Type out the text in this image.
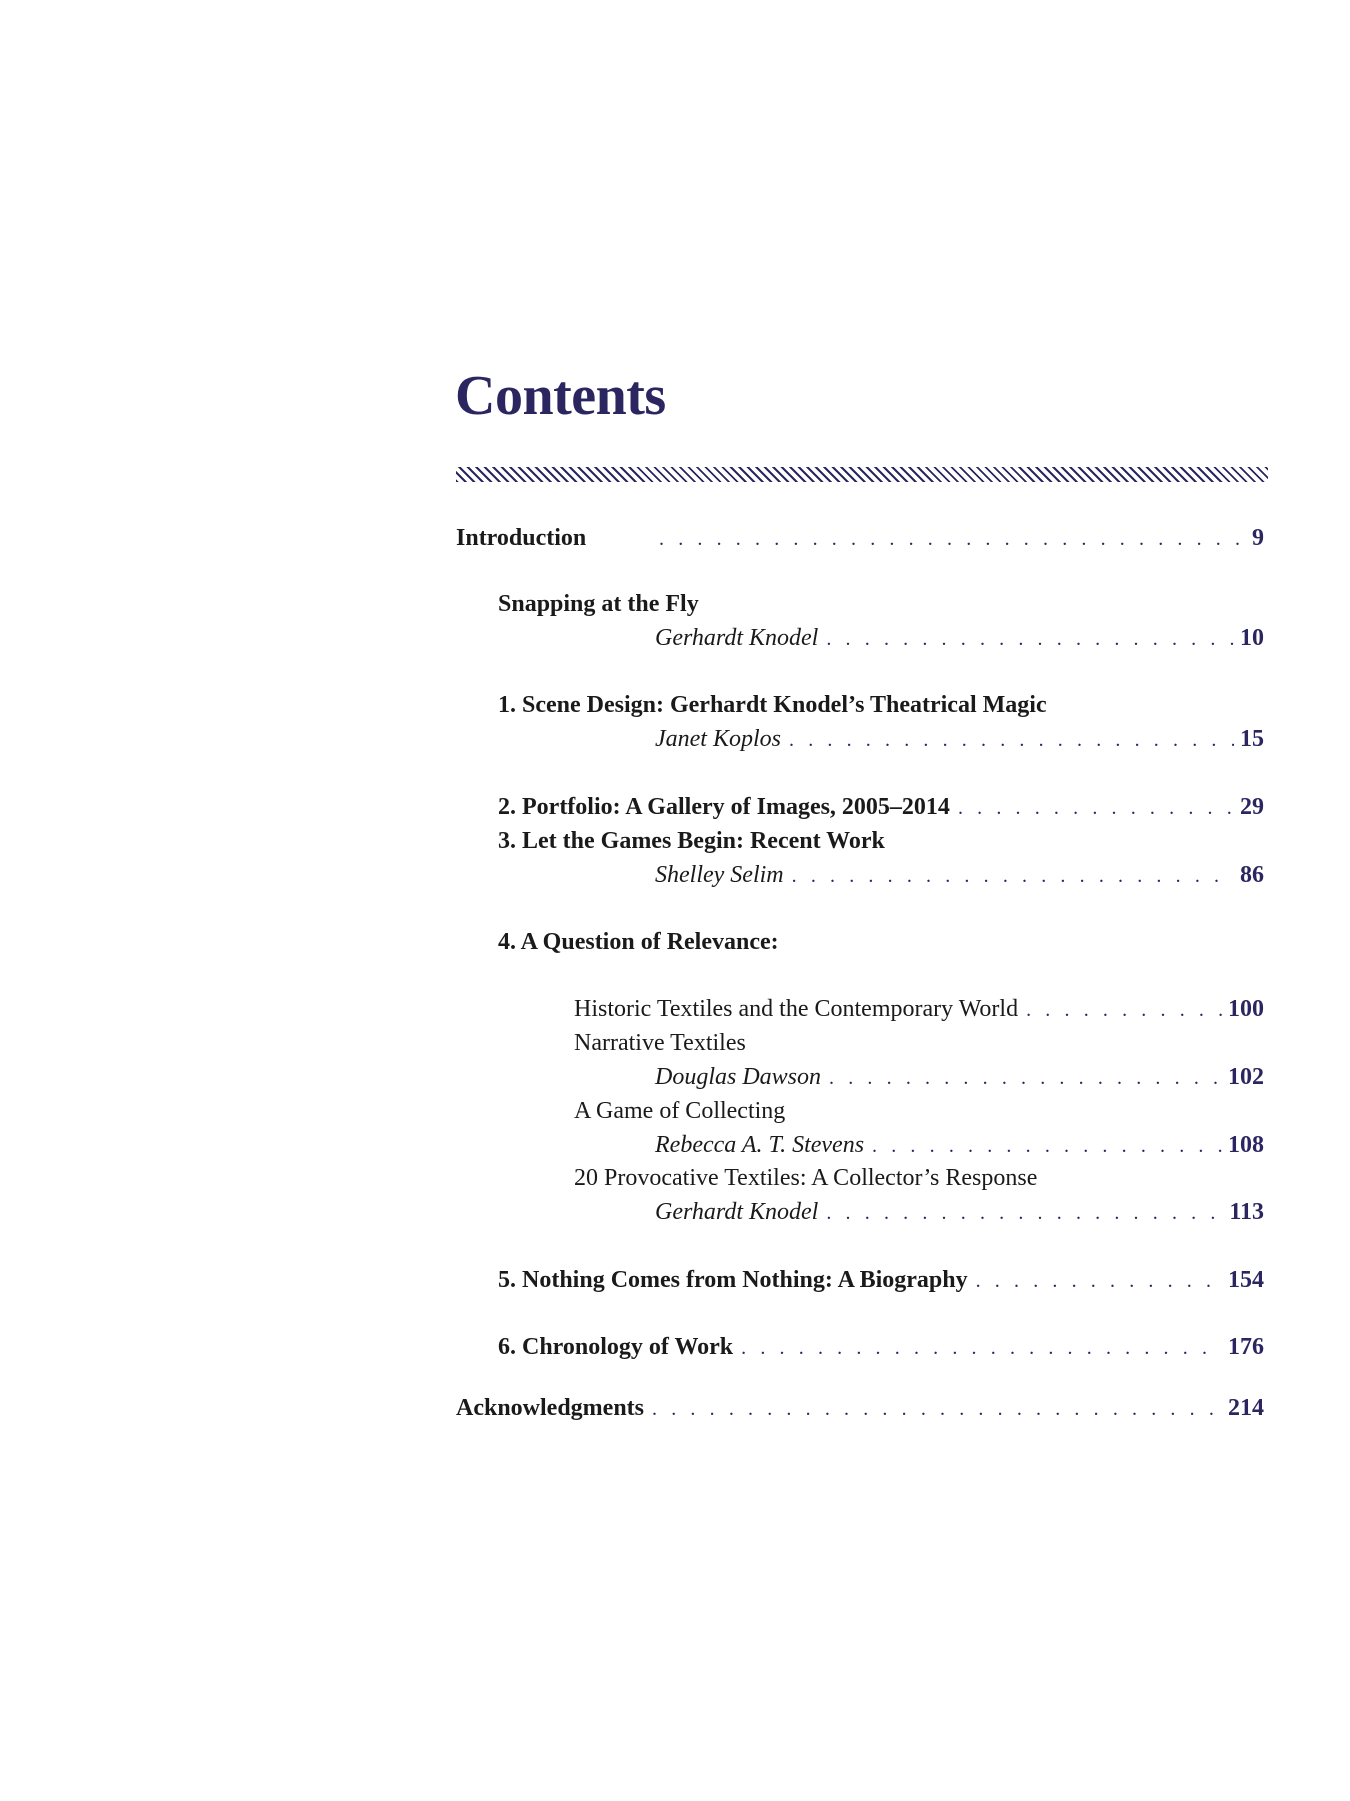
Contents
Introduction . . .	9
Snapping at the Fly
Gerhardt Knodel . . .	10
1. Scene Design: Gerhardt Knodel’s Theatrical Magic
Janet Koplos . . .	15
2. Portfolio: A Gallery of Images, 2005–2014 . . .	29
3. Let the Games Begin: Recent Work
Shelley Selim . . .	86
4. A Question of Relevance:
Historic Textiles and the Contemporary World . . .	100
Narrative Textiles
Douglas Dawson . . .	102
A Game of Collecting
Rebecca A. T. Stevens . . .	108
20 Provocative Textiles: A Collector’s Response
Gerhardt Knodel . . .	113
5. Nothing Comes from Nothing: A Biography . . .	154
6. Chronology of Work . . .	176
Acknowledgments . . .	214
